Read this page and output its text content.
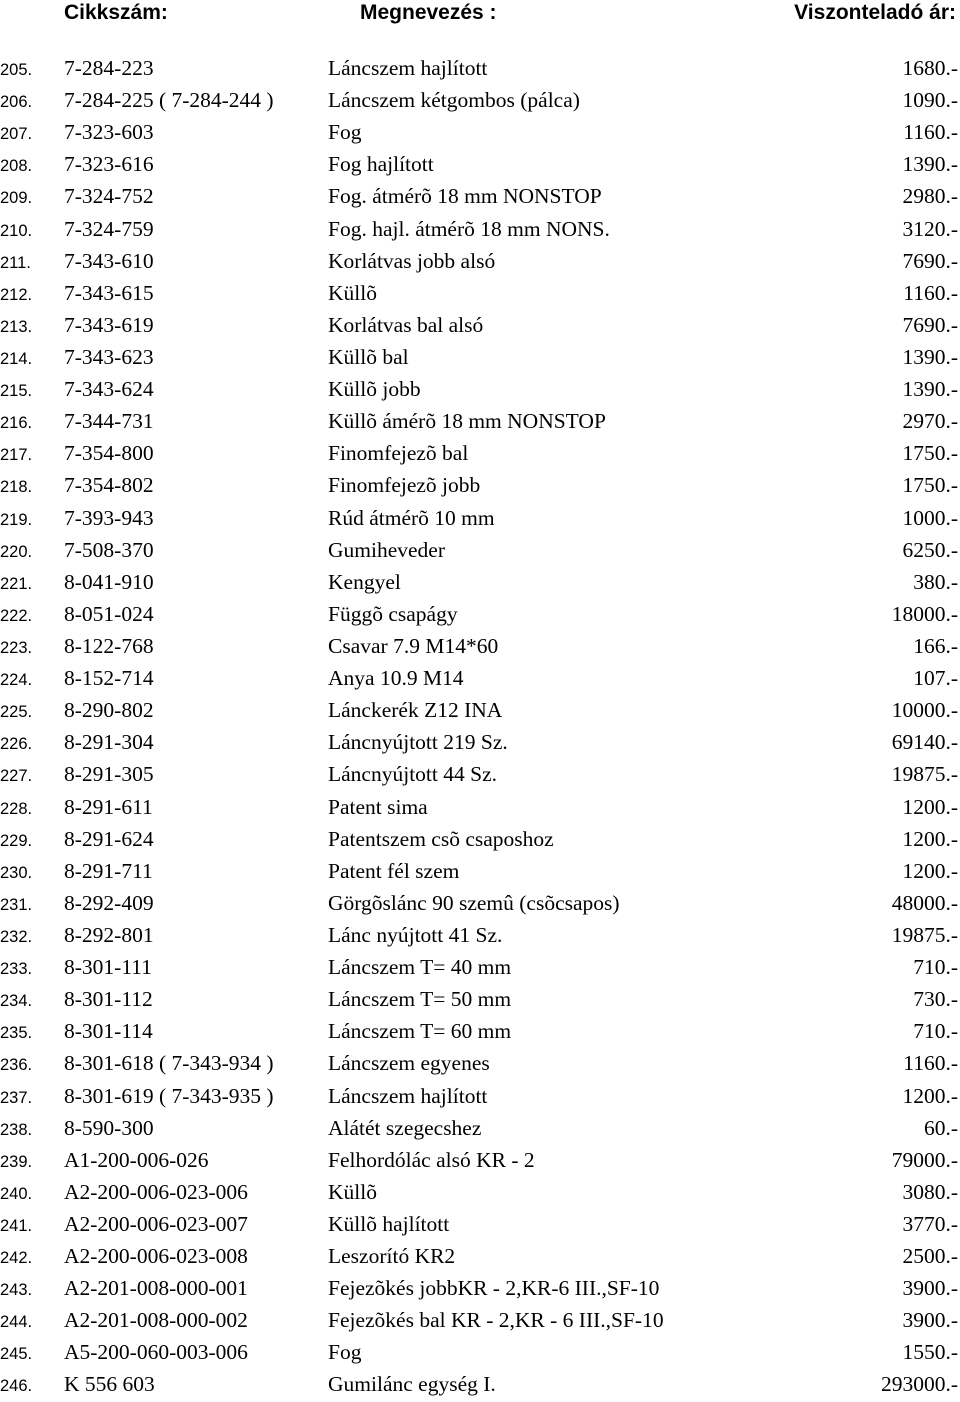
Cikkszám:	Megnevezés :	Viszonteladó ár:
205. 7-284-223	Láncszem hajlított	1680.-
206. 7-284-225 ( 7-284-244 )	Láncszem kétgombos (pálca)	1090.-
207. 7-323-603	Fog	1160.-
208. 7-323-616	Fog hajlított	1390.-
209. 7-324-752	Fog. átmérõ 18 mm NONSTOP	2980.-
210. 7-324-759	Fog. hajl. átmérõ 18 mm NONS.	3120.-
211. 7-343-610	Korlátvas jobb alsó	7690.-
212. 7-343-615	Küllõ	1160.-
213. 7-343-619	Korlátvas bal alsó	7690.-
214. 7-343-623	Küllõ bal	1390.-
215. 7-343-624	Küllõ jobb	1390.-
216. 7-344-731	Küllõ ámérõ 18 mm NONSTOP	2970.-
217. 7-354-800	Finomfejezõ bal	1750.-
218. 7-354-802	Finomfejezõ jobb	1750.-
219. 7-393-943	Rúd átmérõ 10 mm	1000.-
220. 7-508-370	Gumiheveder	6250.-
221. 8-041-910	Kengyel	380.-
222. 8-051-024	Függõ csapágy	18000.-
223. 8-122-768	Csavar 7.9 M14*60	166.-
224. 8-152-714	Anya 10.9 M14	107.-
225. 8-290-802	Lánckerék Z12 INA	10000.-
226. 8-291-304	Láncnyújtott 219 Sz.	69140.-
227. 8-291-305	Láncnyújtott 44 Sz.	19875.-
228. 8-291-611	Patent sima	1200.-
229. 8-291-624	Patentszem csõ csaposhoz	1200.-
230. 8-291-711	Patent fél szem	1200.-
231. 8-292-409	Görgõslánc 90 szemû (csõcsapos)	48000.-
232. 8-292-801	Lánc nyújtott 41 Sz.	19875.-
233. 8-301-111	Láncszem T= 40 mm	710.-
234. 8-301-112	Láncszem T= 50 mm	730.-
235. 8-301-114	Láncszem T= 60 mm	710.-
236. 8-301-618 ( 7-343-934 )	Láncszem egyenes	1160.-
237. 8-301-619 ( 7-343-935 )	Láncszem hajlított	1200.-
238. 8-590-300	Alátét szegecshez	60.-
239. A1-200-006-026	Felhordólác alsó KR - 2	79000.-
240. A2-200-006-023-006	Küllõ	3080.-
241. A2-200-006-023-007	Küllõ hajlított	3770.-
242. A2-200-006-023-008	Leszorító KR2	2500.-
243. A2-201-008-000-001	Fejezõkés jobbKR - 2,KR-6 III.,SF-10	3900.-
244. A2-201-008-000-002	Fejezõkés bal KR - 2,KR - 6 III.,SF-10	3900.-
245. A5-200-060-003-006	Fog	1550.-
246. K 556 603	Gumilánc egység I.	293000.-
